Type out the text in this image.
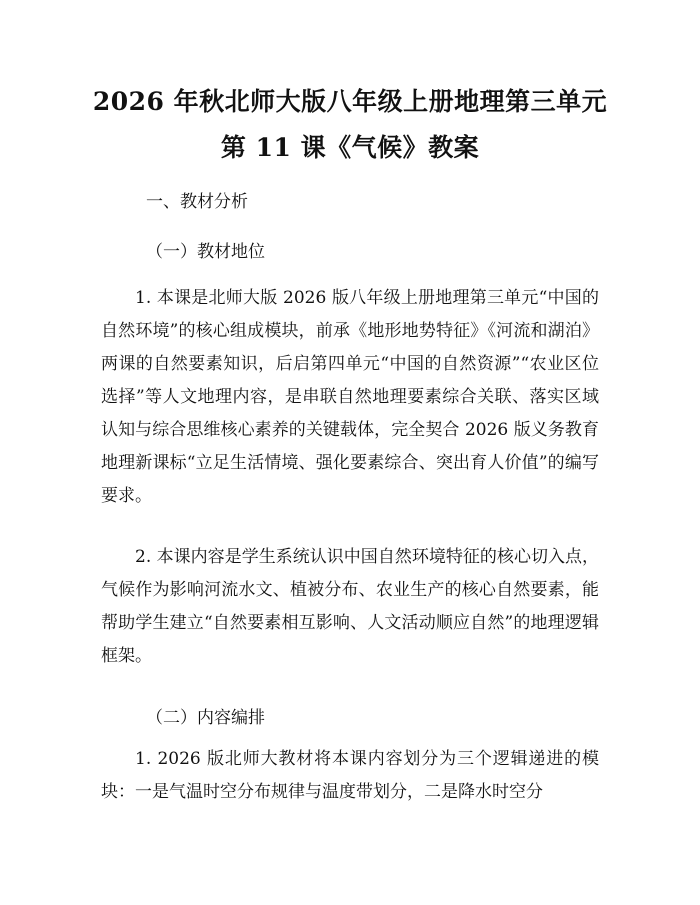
2026 年秋北师大版八年级上册地理第三单元
第 11 课《气候》教案
一、教材分析
（一）教材地位

1. 本课是北师大版 2026 版八年级上册地理第三单元“中国的自然环境”的核心组成模块，前承《地形地势特征》《河流和湖泊》两课的自然要素知识，后启第四单元“中国的自然资源”“农业区位选择”等人文地理内容，是串联自然地理要素综合关联、落实区域认知与综合思维核心素养的关键载体，完全契合 2026 版义务教育地理新课标“立足生活情境、强化要素综合、突出育人价值”的编写要求。

2. 本课内容是学生系统认识中国自然环境特征的核心切入点，气候作为影响河流水文、植被分布、农业生产的核心自然要素，能帮助学生建立“自然要素相互影响、人文活动顺应自然”的地理逻辑框架。

（二）内容编排

1. 2026 版北师大教材将本课内容划分为三个逻辑递进的模块：一是气温时空分布规律与温度带划分，二是降水时空分
